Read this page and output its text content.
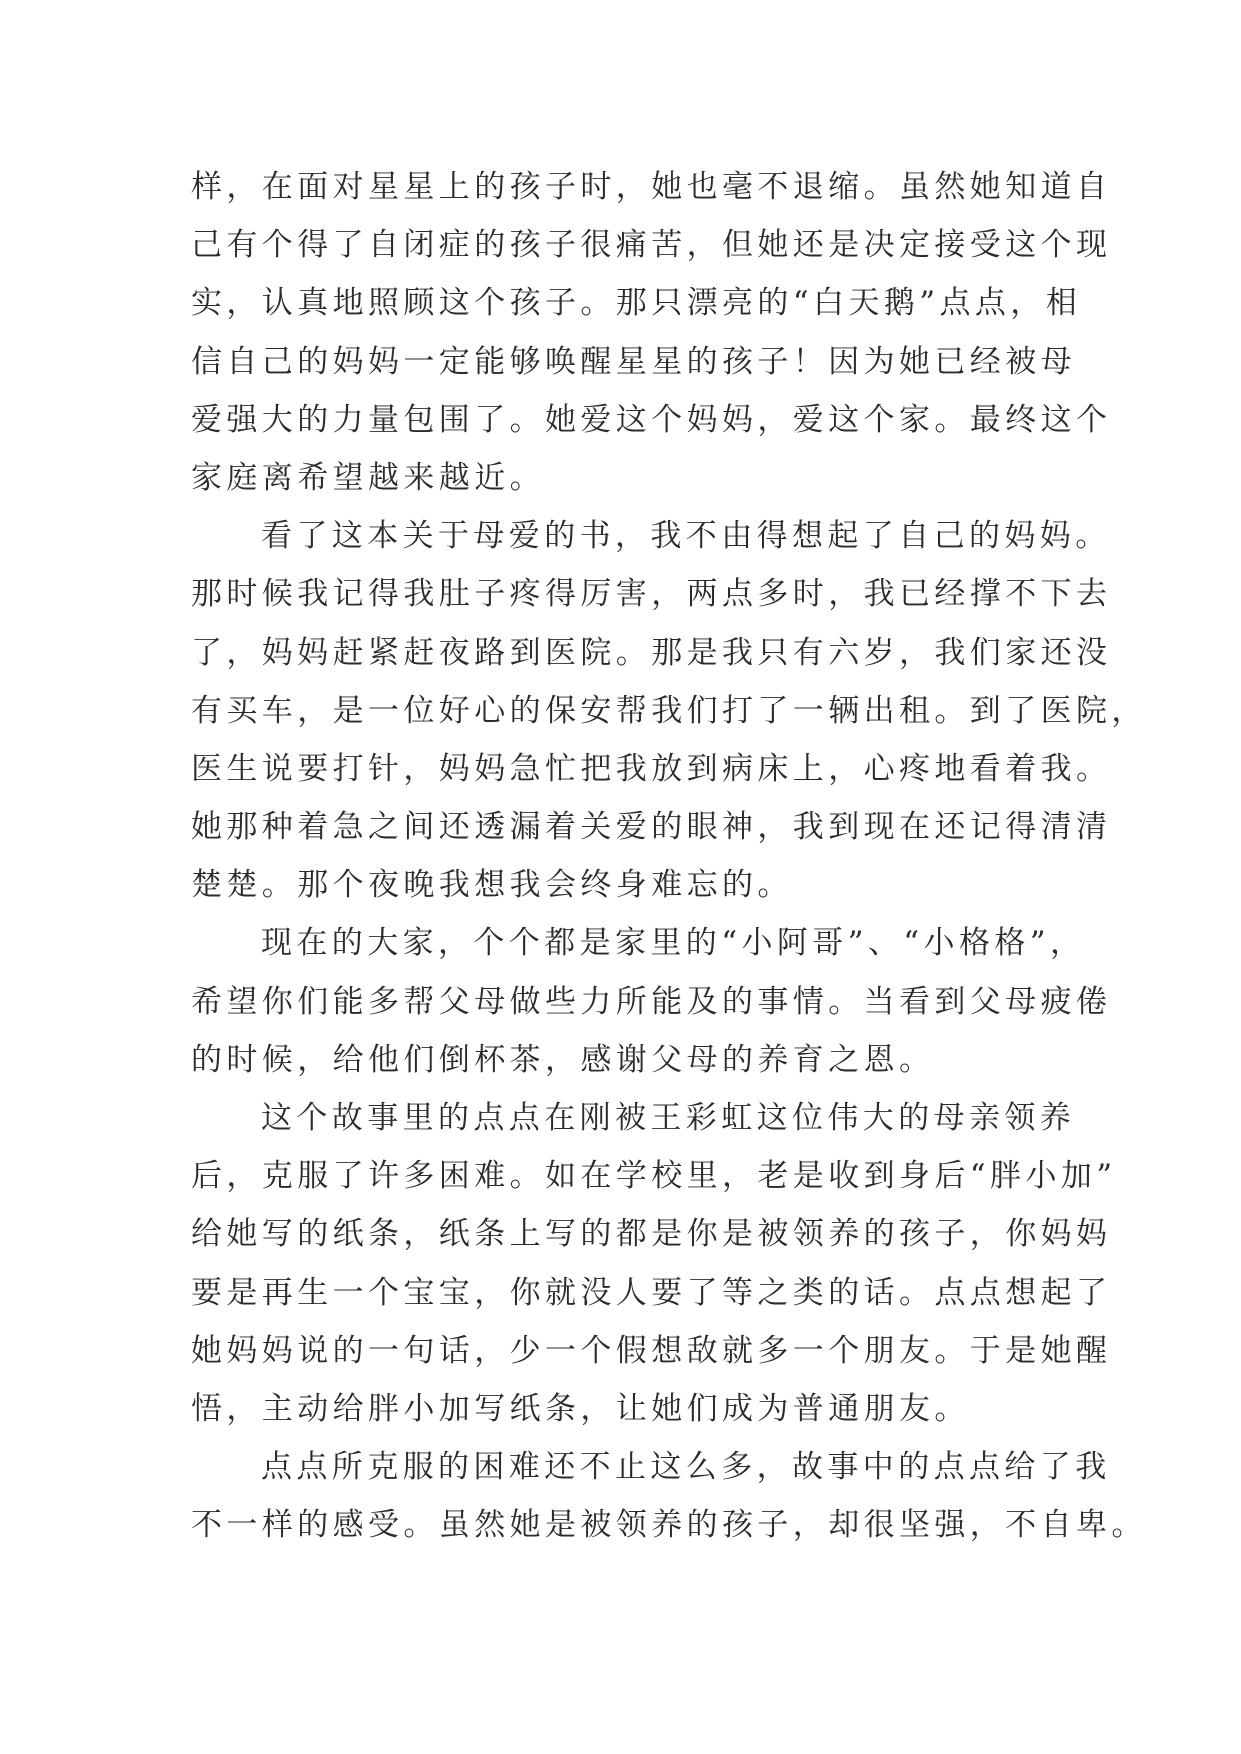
样，在面对星星上的孩子时，她也毫不退缩。虽然她知道自
己有个得了自闭症的孩子很痛苦，但她还是决定接受这个现
实，认真地照顾这个孩子。那只漂亮的“白天鹅”点点，相
信自己的妈妈一定能够唤醒星星的孩子！因为她已经被母
爱强大的力量包围了。她爱这个妈妈，爱这个家。最终这个
家庭离希望越来越近。
看了这本关于母爱的书，我不由得想起了自己的妈妈。
那时候我记得我肚子疼得厉害，两点多时，我已经撑不下去
了，妈妈赶紧赶夜路到医院。那是我只有六岁，我们家还没
有买车，是一位好心的保安帮我们打了一辆出租。到了医院，
医生说要打针，妈妈急忙把我放到病床上，心疼地看着我。
她那种着急之间还透漏着关爱的眼神，我到现在还记得清清
楚楚。那个夜晚我想我会终身难忘的。
现在的大家，个个都是家里的“小阿哥”、“小格格”，
希望你们能多帮父母做些力所能及的事情。当看到父母疲倦
的时候，给他们倒杯茶，感谢父母的养育之恩。
这个故事里的点点在刚被王彩虹这位伟大的母亲领养
后，克服了许多困难。如在学校里，老是收到身后“胖小加”
给她写的纸条，纸条上写的都是你是被领养的孩子，你妈妈
要是再生一个宝宝，你就没人要了等之类的话。点点想起了
她妈妈说的一句话，少一个假想敌就多一个朋友。于是她醒
悟，主动给胖小加写纸条，让她们成为普通朋友。
点点所克服的困难还不止这么多，故事中的点点给了我
不一样的感受。虽然她是被领养的孩子，却很坚强，不自卑。
